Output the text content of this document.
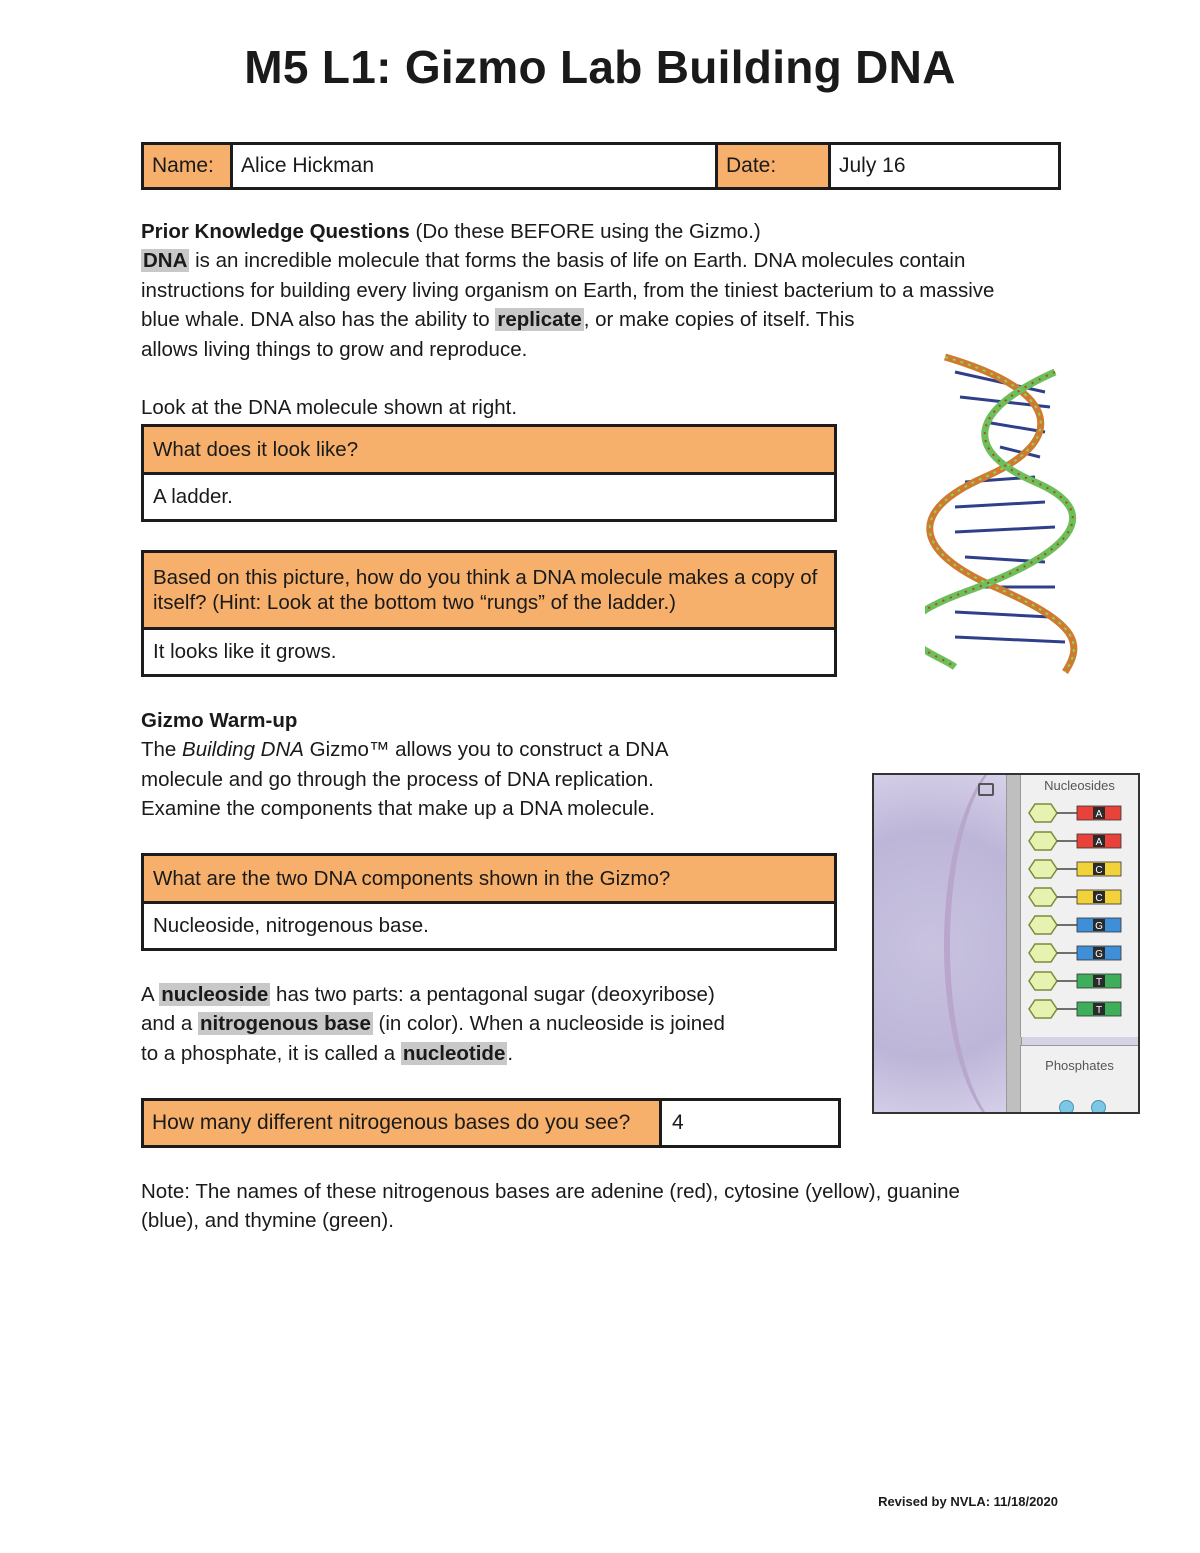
M5 L1: Gizmo Lab Building DNA
Name:	Alice Hickman	Date:	July 16
Prior Knowledge Questions (Do these BEFORE using the Gizmo.)
DNA is an incredible molecule that forms the basis of life on Earth. DNA molecules contain
instructions for building every living organism on Earth, from the tiniest bacterium to a massive
blue whale. DNA also has the ability to replicate, or make copies of itself. This
allows living things to grow and reproduce.
Look at the DNA molecule shown at right.
What does it look like?
A ladder.
Based on this picture, how do you think a DNA molecule makes a copy of itself? (Hint: Look at the bottom two “rungs” of the ladder.)
It looks like it grows.
Gizmo Warm-up
The Building DNA Gizmo™ allows you to construct a DNA
molecule and go through the process of DNA replication.
Examine the components that make up a DNA molecule.
What are the two DNA components shown in the Gizmo?
Nucleoside, nitrogenous base.
A nucleoside has two parts: a pentagonal sugar (deoxyribose)
and a nitrogenous base (in color). When a nucleoside is joined
to a phosphate, it is called a nucleotide.
How many different nitrogenous bases do you see?	4
Note: The names of these nitrogenous bases are adenine (red), cytosine (yellow), guanine
(blue), and thymine (green).
Nucleosides
A
A
C
C
G
G
T
T
Phosphates
Revised by NVLA: 11/18/2020
